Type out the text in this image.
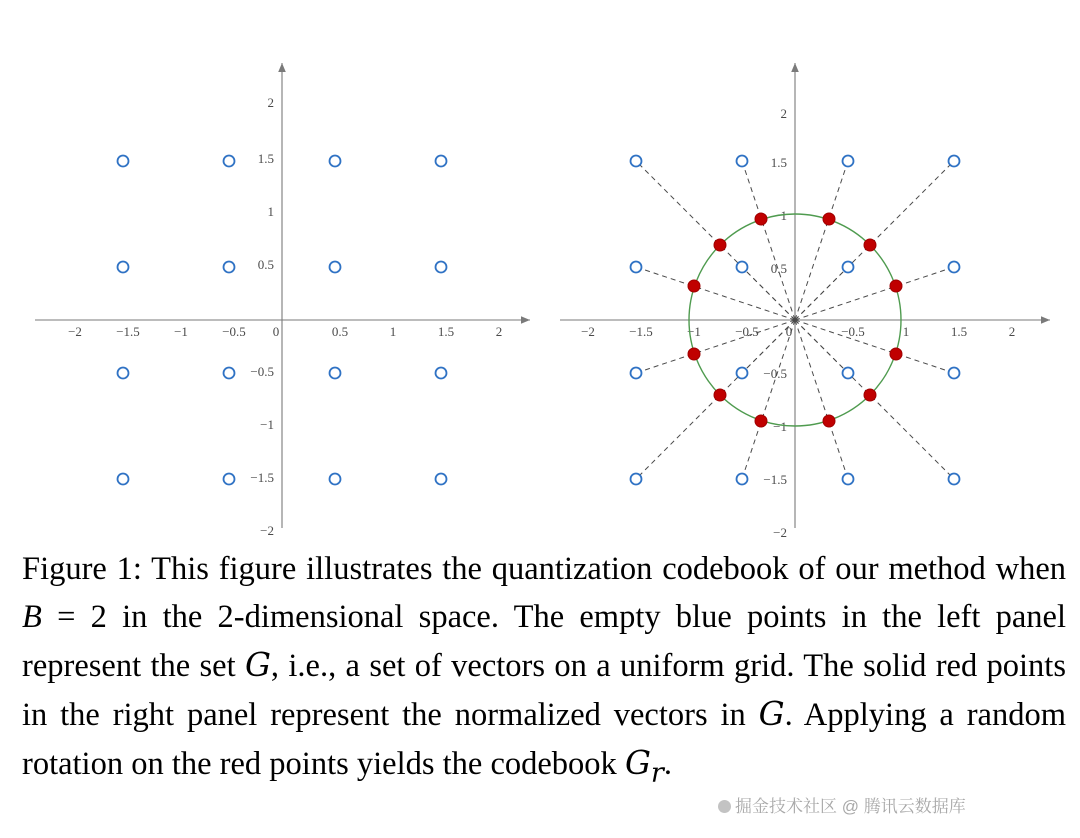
−2	−1.5	−1	−0.5 0	0.5	1	1.5	2
2
1.5
1
0.5
−0.5
−1
−1.5
−2
−2	−1.5	−1	−0.5 0	−0.5	1	1.5	2
2
1.5
1
0.5
−0.5
−1
−1.5
−2
Figure 1: This figure illustrates the quantization codebook of our method when B = 2 in the 2-dimensional space. The empty blue points in the left panel represent the set G, i.e., a set of vectors on a uniform grid. The solid red points in the right panel represent the normalized vectors in G. Applying a random rotation on the red points yields the codebook $G_r$.
掘金技术社区 @ 腾讯云数据库
